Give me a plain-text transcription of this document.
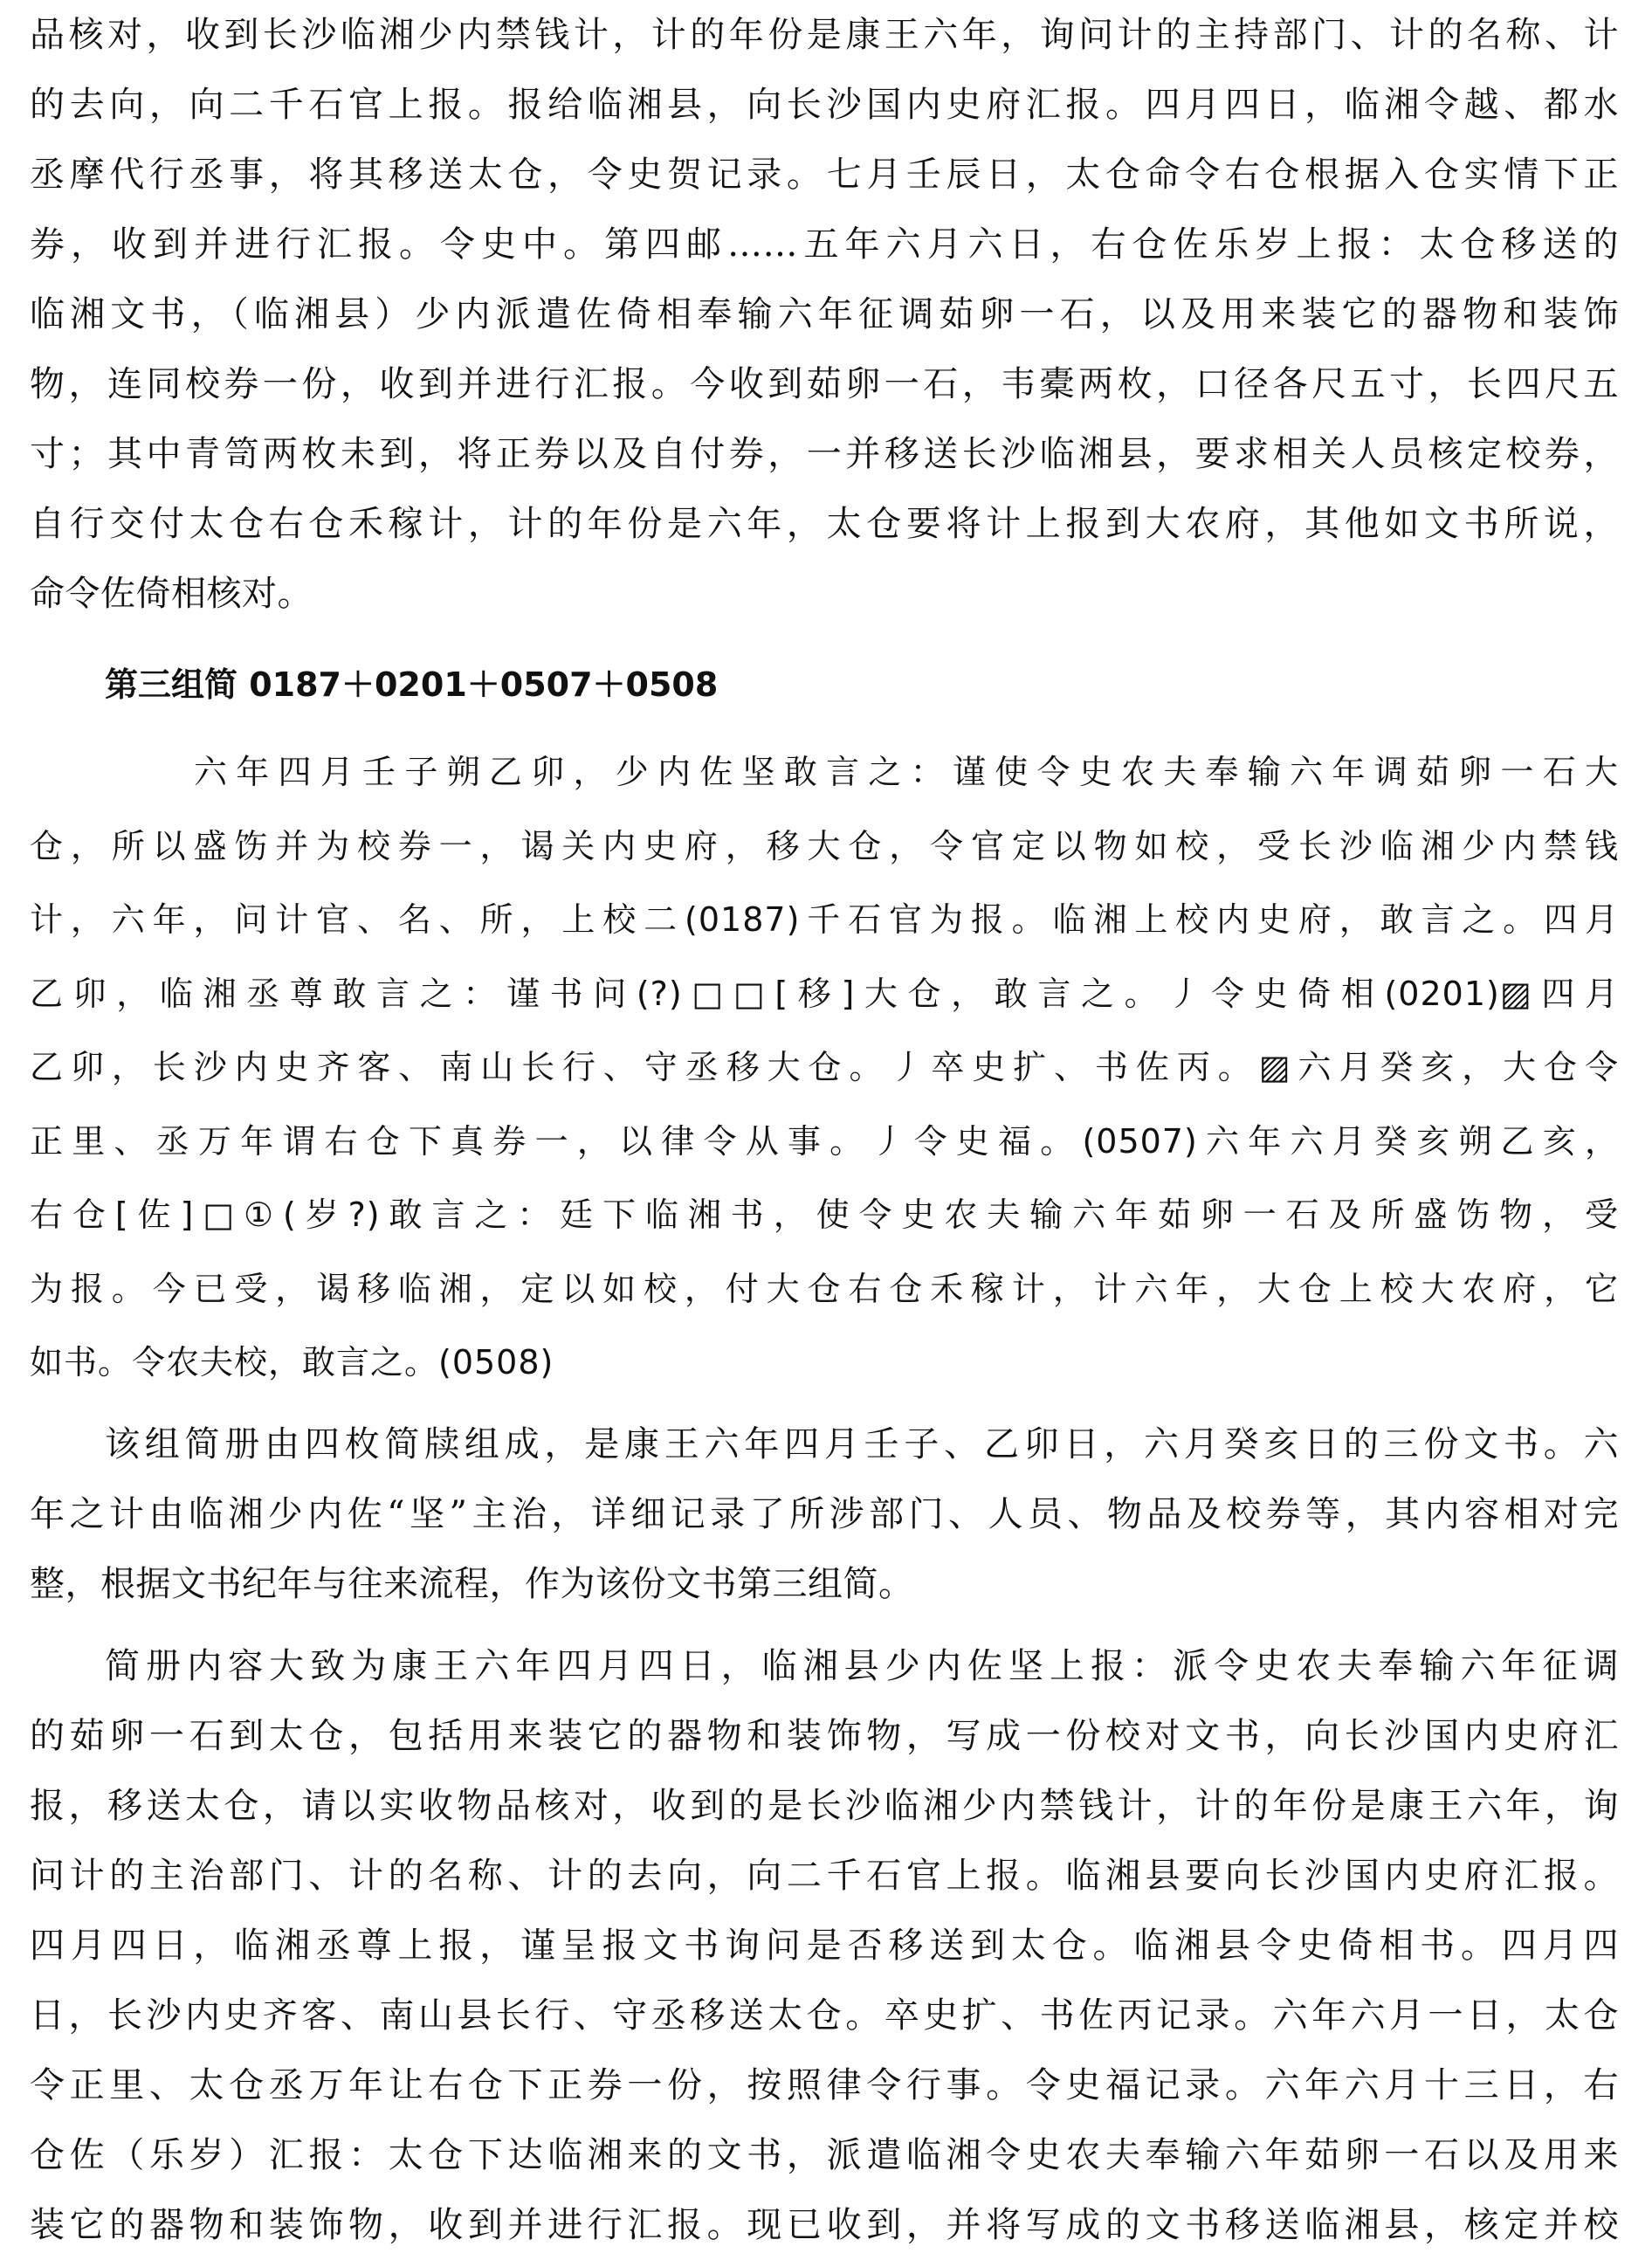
品核对，收到长沙临湘少内禁钱计，计的年份是康王六年，询问计的主持部门、计的名称、计
的去向，向二千石官上报。报给临湘县，向长沙国内史府汇报。四月四日，临湘令越、都水
丞摩代行丞事，将其移送太仓，令史贺记录。七月壬辰日，太仓命令右仓根据入仓实情下正
券，收到并进行汇报。令史中。第四邮……五年六月六日，右仓佐乐岁上报：太仓移送的
临湘文书，（临湘县）少内派遣佐倚相奉输六年征调茹卵一石，以及用来装它的器物和装饰
物，连同校券一份，收到并进行汇报。今收到茹卵一石，韦橐两枚，口径各尺五寸，长四尺五
寸；其中青笥两枚未到，将正券以及自付券，一并移送长沙临湘县，要求相关人员核定校券，
自行交付太仓右仓禾稼计，计的年份是六年，太仓要将计上报到大农府，其他如文书所说，
命令佐倚相核对。
第三组简 0187＋0201＋0507＋0508
六年四月壬子朔乙卯，少内佐坚敢言之：谨使令史农夫奉输六年调茹卵一石大
仓，所以盛饬并为校券一，谒关内史府，移大仓，令官定以物如校，受长沙临湘少内禁钱
计，六年，问计官、名、所，上校二(0187)千石官为报。临湘上校内史府，敢言之。四月
乙卯，临湘丞尊敢言之：谨书问(?)□□[移]大仓，敢言之。丿令史倚相(0201)▨四月
乙卯，长沙内史齐客、南山长行、守丞移大仓。丿卒史扩、书佐丙。▨六月癸亥，大仓令
正里、丞万年谓右仓下真券一，以律令从事。丿令史福。(0507)六年六月癸亥朔乙亥，
右仓[佐]□①(岁?)敢言之：廷下临湘书，使令史农夫输六年茹卵一石及所盛饬物，受
为报。今已受，谒移临湘，定以如校，付大仓右仓禾稼计，计六年，大仓上校大农府，它
如书。令农夫校，敢言之。(0508)
该组简册由四枚简牍组成，是康王六年四月壬子、乙卯日，六月癸亥日的三份文书。六
年之计由临湘少内佐“坚”主治，详细记录了所涉部门、人员、物品及校券等，其内容相对完
整，根据文书纪年与往来流程，作为该份文书第三组简。
简册内容大致为康王六年四月四日，临湘县少内佐坚上报：派令史农夫奉输六年征调
的茹卵一石到太仓，包括用来装它的器物和装饰物，写成一份校对文书，向长沙国内史府汇
报，移送太仓，请以实收物品核对，收到的是长沙临湘少内禁钱计，计的年份是康王六年，询
问计的主治部门、计的名称、计的去向，向二千石官上报。临湘县要向长沙国内史府汇报。
四月四日，临湘丞尊上报，谨呈报文书询问是否移送到太仓。临湘县令史倚相书。四月四
日，长沙内史齐客、南山县长行、守丞移送太仓。卒史扩、书佐丙记录。六年六月一日，太仓
令正里、太仓丞万年让右仓下正券一份，按照律令行事。令史福记录。六年六月十三日，右
仓佐（乐岁）汇报：太仓下达临湘来的文书，派遣临湘令史农夫奉输六年茹卵一石以及用来
装它的器物和装饰物，收到并进行汇报。现已收到，并将写成的文书移送临湘县，核定并校
